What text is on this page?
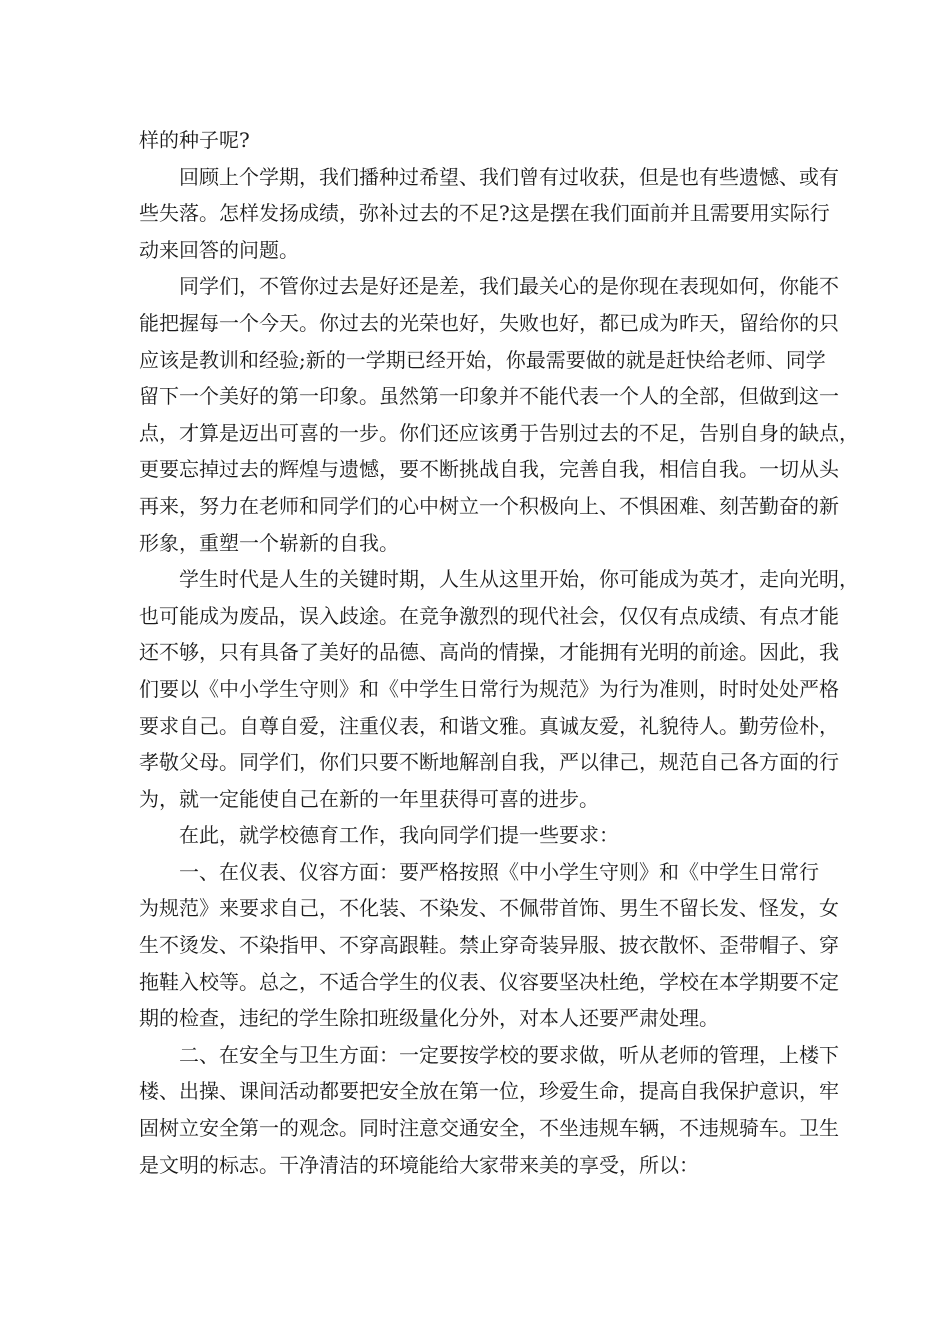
样的种子呢?
回顾上个学期，我们播种过希望、我们曾有过收获，但是也有些遗憾、或有
些失落。怎样发扬成绩，弥补过去的不足?这是摆在我们面前并且需要用实际行
动来回答的问题。
同学们，不管你过去是好还是差，我们最关心的是你现在表现如何，你能不
能把握每一个今天。你过去的光荣也好，失败也好，都已成为昨天，留给你的只
应该是教训和经验;新的一学期已经开始，你最需要做的就是赶快给老师、同学
留下一个美好的第一印象。虽然第一印象并不能代表一个人的全部，但做到这一
点，才算是迈出可喜的一步。你们还应该勇于告别过去的不足，告别自身的缺点，
更要忘掉过去的辉煌与遗憾，要不断挑战自我，完善自我，相信自我。一切从头
再来，努力在老师和同学们的心中树立一个积极向上、不惧困难、刻苦勤奋的新
形象，重塑一个崭新的自我。
学生时代是人生的关键时期，人生从这里开始，你可能成为英才，走向光明，
也可能成为废品，误入歧途。在竞争激烈的现代社会，仅仅有点成绩、有点才能
还不够，只有具备了美好的品德、高尚的情操，才能拥有光明的前途。因此，我
们要以《中小学生守则》和《中学生日常行为规范》为行为准则，时时处处严格
要求自己。自尊自爱，注重仪表，和谐文雅。真诚友爱，礼貌待人。勤劳俭朴，
孝敬父母。同学们，你们只要不断地解剖自我，严以律己，规范自己各方面的行
为，就一定能使自己在新的一年里获得可喜的进步。
在此，就学校德育工作，我向同学们提一些要求：
一、在仪表、仪容方面：要严格按照《中小学生守则》和《中学生日常行
为规范》来要求自己，不化装、不染发、不佩带首饰、男生不留长发、怪发，女
生不烫发、不染指甲、不穿高跟鞋。禁止穿奇装异服、披衣散怀、歪带帽子、穿
拖鞋入校等。总之，不适合学生的仪表、仪容要坚决杜绝，学校在本学期要不定
期的检查，违纪的学生除扣班级量化分外，对本人还要严肃处理。
二、在安全与卫生方面：一定要按学校的要求做，听从老师的管理，上楼下
楼、出操、课间活动都要把安全放在第一位，珍爱生命，提高自我保护意识，牢
固树立安全第一的观念。同时注意交通安全，不坐违规车辆，不违规骑车。卫生
是文明的标志。干净清洁的环境能给大家带来美的享受，所以：
